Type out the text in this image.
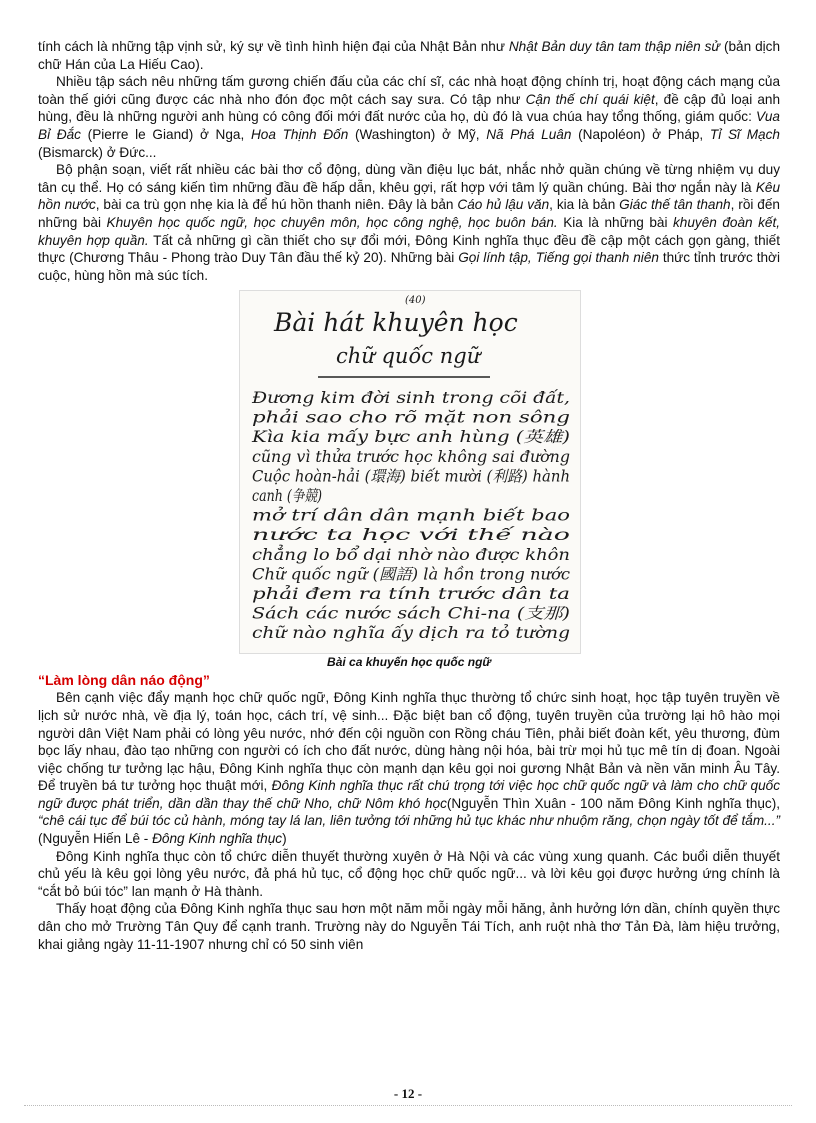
tính cách là những tập vịnh sử, ký sự về tình hình hiện đại của Nhật Bản như Nhật Bản duy tân tam thập niên sử (bản dịch chữ Hán của La Hiếu Cao).

Nhiều tập sách nêu những tấm gương chiến đấu của các chí sĩ, các nhà hoạt động chính trị, hoạt động cách mạng của toàn thế giới cũng được các nhà nho đón đọc một cách say sưa. Có tập như Cận thế chí quái kiệt, đề cập đủ loại anh hùng, đều là những người anh hùng có công đối mới đất nước của họ, dù đó là vua chúa hay tổng thống, giám quốc: Vua Bỉ Đắc (Pierre le Giand) ở Nga, Hoa Thịnh Đốn (Washington) ở Mỹ, Nã Phá Luân (Napoléon) ở Pháp, Tỉ Sĩ Mạch (Bismarck) ở Đức...

Bộ phận soạn, viết rất nhiều các bài thơ cổ động, dùng vần điệu lục bát, nhắc nhở quần chúng về từng nhiệm vụ duy tân cụ thể. Họ có sáng kiến tìm những đầu đề hấp dẫn, khêu gợi, rất hợp với tâm lý quần chúng. Bài thơ ngắn này là Kêu hồn nước, bài ca trù gọn nhẹ kia là để hú hồn thanh niên. Đây là bản Cáo hủ lậu văn, kia là bản Giác thế tân thanh, rồi đến những bài Khuyên học quốc ngữ, học chuyên môn, học công nghệ, học buôn bán. Kia là những bài khuyên đoàn kết, khuyên hợp quần. Tất cả những gì cần thiết cho sự đổi mới, Đông Kinh nghĩa thục đều đề cập một cách gọn gàng, thiết thực (Chương Thâu - Phong trào Duy Tân đầu thế kỷ 20). Những bài Gọi lính tập, Tiếng gọi thanh niên thức tỉnh trước thời cuộc, hùng hồn mà súc tích.

(40)
Bài hát khuyên học
chữ quốc ngữ
Đương kim đời sinh trong cõi đất,
phải sao cho rõ mặt non sông
Kìa kia mấy bực anh hùng (英雄)
cũng vì thửa trước học không sai đường
Cuộc hoàn-hải (環海) biết mười (利路) hành
canh (争競)
mở trí dân dân mạnh biết bao
nước ta học với thế nào
chẳng lo bổ dại nhờ nào được khôn
Chữ quốc ngữ (國語) là hồn trong nước
phải đem ra tính trước dân ta
Sách các nước sách Chi-na (支那)
chữ nào nghĩa ấy dịch ra tỏ tường
Bài ca khuyến học quốc ngữ
“Làm lòng dân náo động”

Bên cạnh việc đẩy mạnh học chữ quốc ngữ, Đông Kinh nghĩa thục thường tổ chức sinh hoạt, học tập tuyên truyền về lịch sử nước nhà, về địa lý, toán học, cách trí, vệ sinh... Đặc biệt ban cổ động, tuyên truyền của trường lại hô hào mọi người dân Việt Nam phải có lòng yêu nước, nhớ đến cội nguồn con Rồng cháu Tiên, phải biết đoàn kết, yêu thương, đùm bọc lấy nhau, đào tạo những con người có ích cho đất nước, dùng hàng nội hóa, bài trừ mọi hủ tục mê tín dị đoan. Ngoài việc chống tư tưởng lạc hậu, Đông Kinh nghĩa thục còn mạnh dạn kêu gọi noi gương Nhật Bản và nền văn minh Âu Tây. Để truyền bá tư tưởng học thuật mới, Đông Kinh nghĩa thục rất chú trọng tới việc học chữ quốc ngữ và làm cho chữ quốc ngữ được phát triển, dần dần thay thế chữ Nho, chữ Nôm khó học(Nguyễn Thìn Xuân - 100 năm Đông Kinh nghĩa thục), “chê cái tục để búi tóc củ hành, móng tay lá lan, liên tưởng tới những hủ tục khác như nhuộm răng, chọn ngày tốt để tắm...” (Nguyễn Hiến Lê - Đông Kinh nghĩa thục)

Đông Kinh nghĩa thục còn tổ chức diễn thuyết thường xuyên ở Hà Nội và các vùng xung quanh. Các buổi diễn thuyết chủ yếu là kêu gọi lòng yêu nước, đả phá hủ tục, cổ động học chữ quốc ngữ... và lời kêu gọi được hưởng ứng chính là “cắt bỏ búi tóc” lan mạnh ở Hà thành.

Thấy hoạt động của Đông Kinh nghĩa thục sau hơn một năm mỗi ngày mỗi hăng, ảnh hưởng lớn dần, chính quyền thực dân cho mở Trường Tân Quy để cạnh tranh. Trường này do Nguyễn Tái Tích, anh ruột nhà thơ Tản Đà, làm hiệu trưởng, khai giảng ngày 11-11-1907 nhưng chỉ có 50 sinh viên

- 12 -
